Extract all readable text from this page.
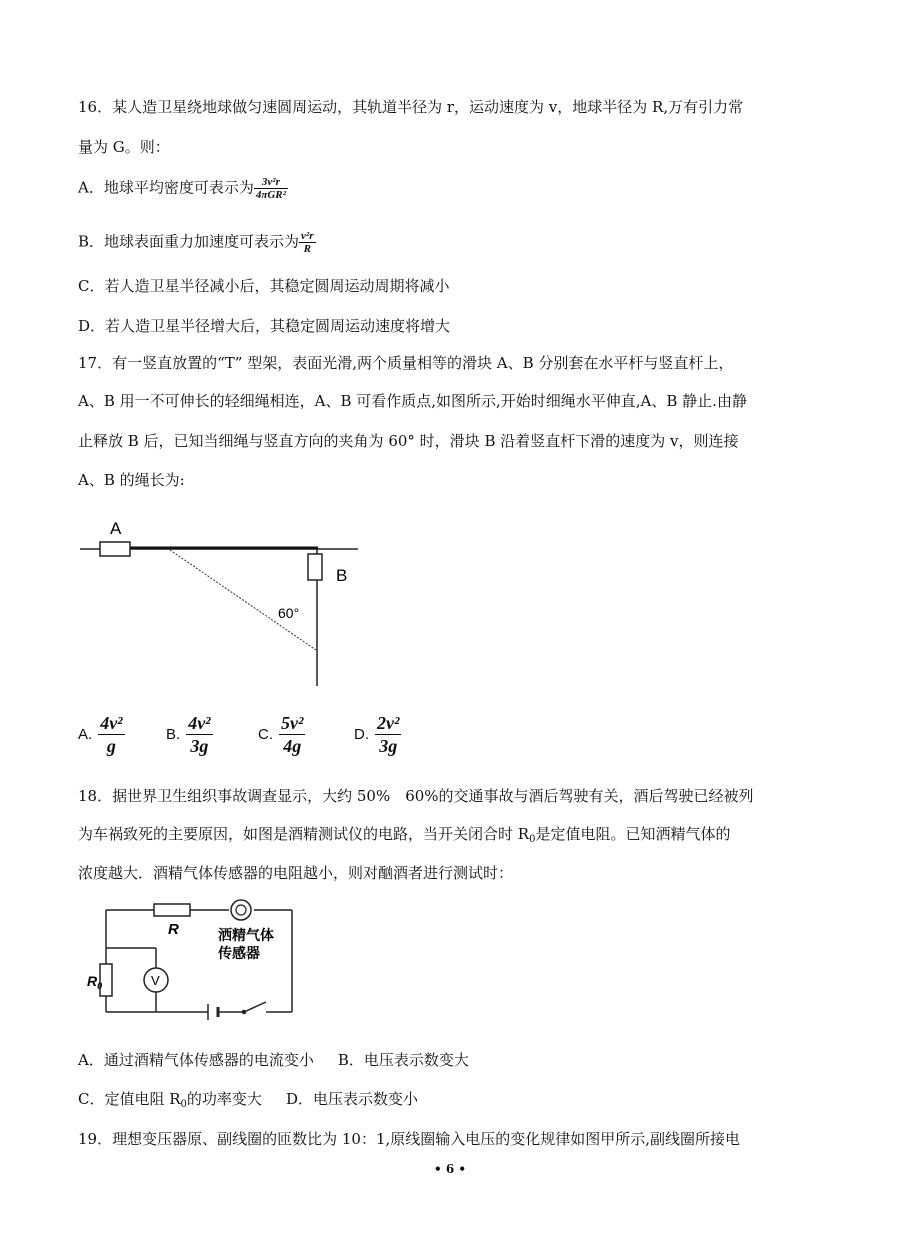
16．某人造卫星绕地球做匀速圆周运动，其轨道半径为 r，运动速度为 v，地球半径为 R,万有引力常
量为 G。则：
A．地球平均密度可表示为 $\frac{\text{3v²r}}{\text{4πGR²}}$
B．地球表面重力加速度可表示为 $\frac{\text{v²r}}{R}$
C．若人造卫星半径减小后，其稳定圆周运动周期将减小
D．若人造卫星半径增大后，其稳定圆周运动速度将增大
17．有一竖直放置的“T” 型架，表面光滑,两个质量相等的滑块 A、B 分别套在水平杆与竖直杆上，
A、B 用一不可伸长的轻细绳相连，A、B 可看作质点,如图所示,开始时细绳水平伸直,A、B 静止.由静
止释放 B 后，已知当细绳与竖直方向的夹角为 60° 时，滑块 B 沿着竖直杆下滑的速度为 v，则连接
A、B 的绳长为:
A
B
60°
A. $\frac{\text{4v²}}{g}$	B. $\frac{\text{4v²}}{3g}$	C. $\frac{\text{5v²}}{4g}$	D. $\frac{\text{2v²}}{3g}$
18．据世界卫生组织事故调查显示，大约 50%　60%的交通事故与酒后驾驶有关，酒后驾驶已经被列
为车祸致死的主要原因，如图是酒精测试仪的电路，当开关闭合时 $R_0$是定值电阻。已知洒精气体的
浓度越大．酒精气体传感器的电阻越小，则对酗酒者进行测试时：
R
$R_0$	V
洒精气体
传感器
A．通过酒精气体传感器的电流变小 B．电压表示数变大
C．定值电阻 $R_0$的功率变大 D．电压表示数变小
19．理想变压器原、副线圈的匝数比为 10：1,原线圈输入电压的变化规律如图甲所示,副线圈所接电
• 6 •
